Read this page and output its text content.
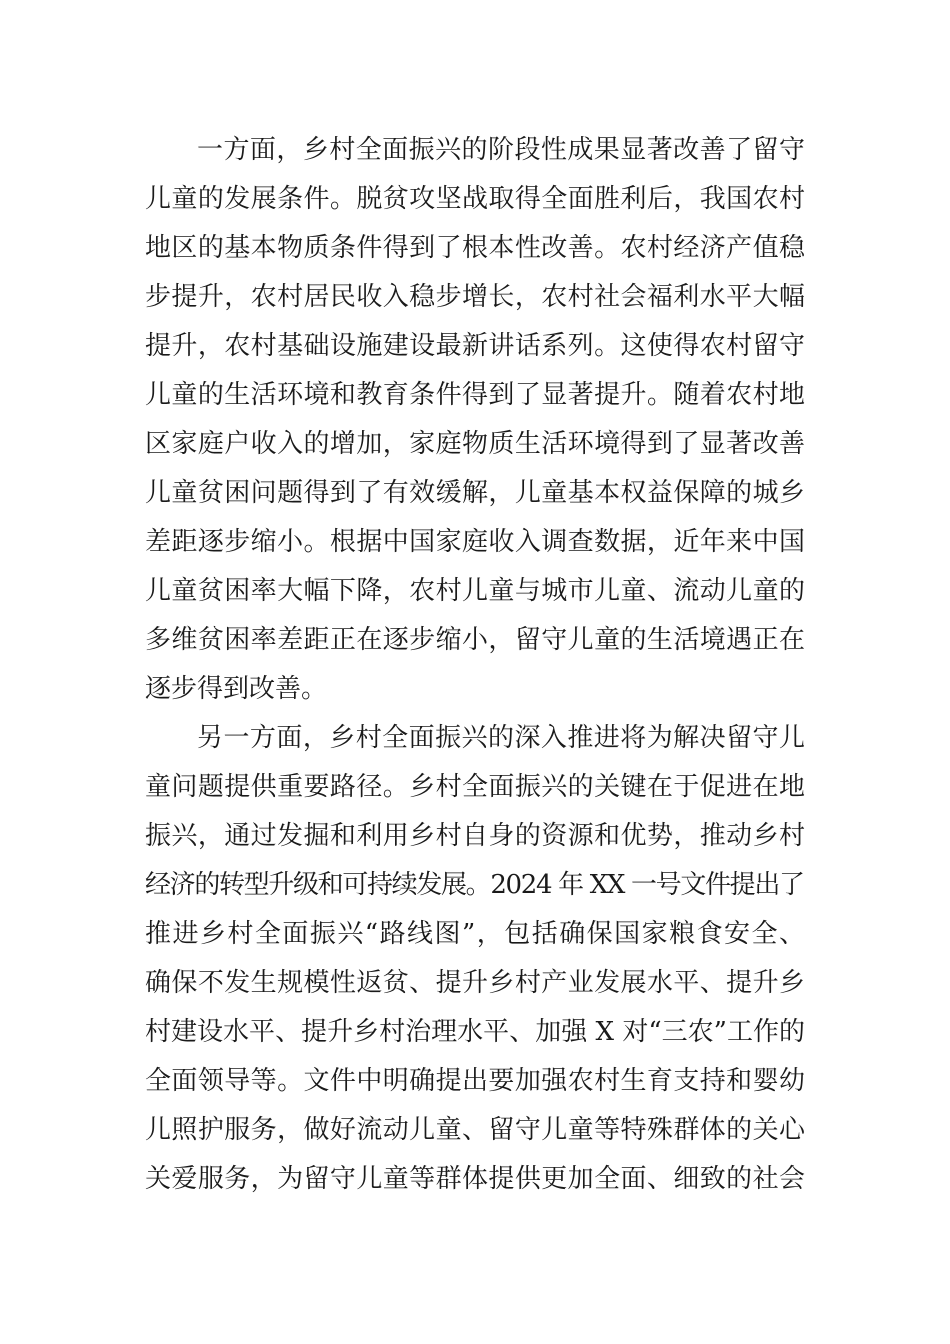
一方面，乡村全面振兴的阶段性成果显著改善了留守
儿童的发展条件。脱贫攻坚战取得全面胜利后，我国农村
地区的基本物质条件得到了根本性改善。农村经济产值稳
步提升，农村居民收入稳步增长，农村社会福利水平大幅
提升，农村基础设施建设最新讲话系列。这使得农村留守
儿童的生活环境和教育条件得到了显著提升。随着农村地
区家庭户收入的增加，家庭物质生活环境得到了显著改善
儿童贫困问题得到了有效缓解，儿童基本权益保障的城乡
差距逐步缩小。根据中国家庭收入调查数据，近年来中国
儿童贫困率大幅下降，农村儿童与城市儿童、流动儿童的
多维贫困率差距正在逐步缩小，留守儿童的生活境遇正在
逐步得到改善。
另一方面，乡村全面振兴的深入推进将为解决留守儿
童问题提供重要路径。乡村全面振兴的关键在于促进在地
振兴，通过发掘和利用乡村自身的资源和优势，推动乡村
经济的转型升级和可持续发展。2024 年 XX 一号文件提出了
推进乡村全面振兴“路线图”，包括确保国家粮食安全、
确保不发生规模性返贫、提升乡村产业发展水平、提升乡
村建设水平、提升乡村治理水平、加强 X 对“三农”工作的
全面领导等。文件中明确提出要加强农村生育支持和婴幼
儿照护服务，做好流动儿童、留守儿童等特殊群体的关心
关爱服务，为留守儿童等群体提供更加全面、细致的社会
